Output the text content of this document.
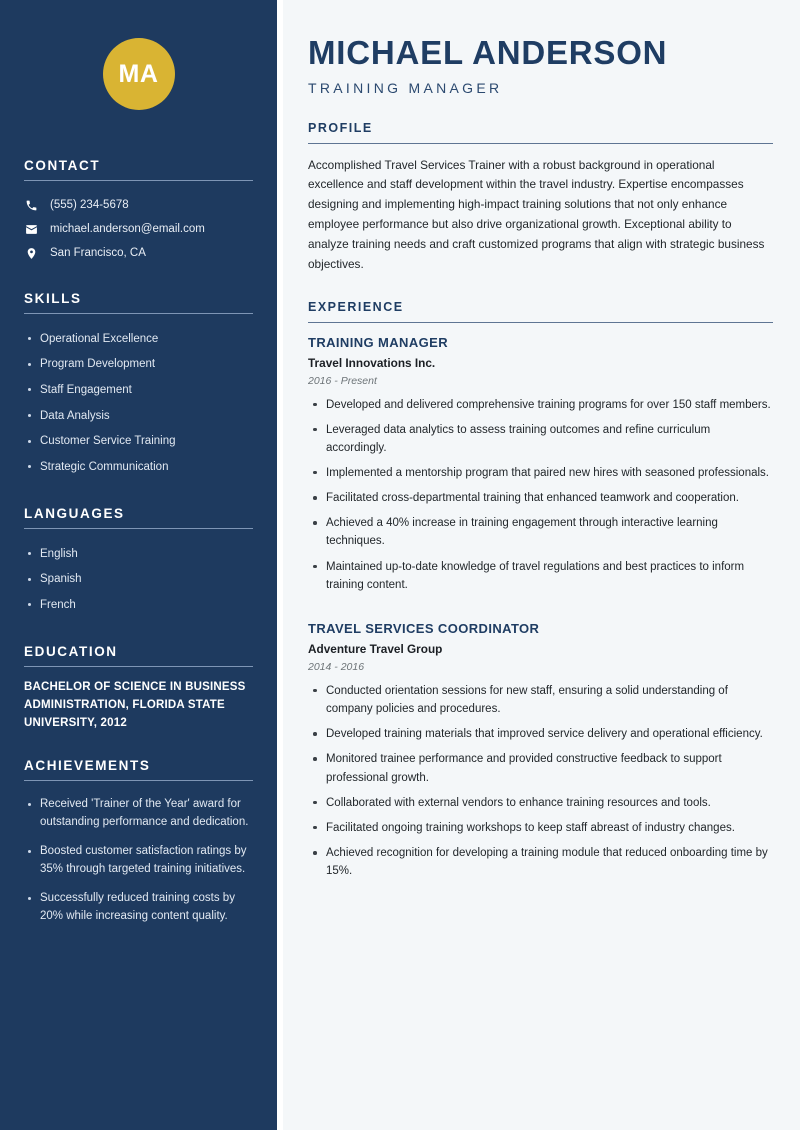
MA
CONTACT
(555) 234-5678
michael.anderson@email.com
San Francisco, CA
SKILLS
Operational Excellence
Program Development
Staff Engagement
Data Analysis
Customer Service Training
Strategic Communication
LANGUAGES
English
Spanish
French
EDUCATION
BACHELOR OF SCIENCE IN BUSINESS ADMINISTRATION, FLORIDA STATE UNIVERSITY, 2012
ACHIEVEMENTS
Received 'Trainer of the Year' award for outstanding performance and dedication.
Boosted customer satisfaction ratings by 35% through targeted training initiatives.
Successfully reduced training costs by 20% while increasing content quality.
MICHAEL ANDERSON
TRAINING MANAGER
PROFILE

Accomplished Travel Services Trainer with a robust background in operational excellence and staff development within the travel industry. Expertise encompasses designing and implementing high-impact training solutions that not only enhance employee performance but also drive organizational growth. Exceptional ability to analyze training needs and craft customized programs that align with strategic business objectives.

EXPERIENCE
TRAINING MANAGER
Travel Innovations Inc.
2016 - Present
Developed and delivered comprehensive training programs for over 150 staff members.
Leveraged data analytics to assess training outcomes and refine curriculum accordingly.
Implemented a mentorship program that paired new hires with seasoned professionals.
Facilitated cross-departmental training that enhanced teamwork and cooperation.
Achieved a 40% increase in training engagement through interactive learning techniques.
Maintained up-to-date knowledge of travel regulations and best practices to inform training content.
TRAVEL SERVICES COORDINATOR
Adventure Travel Group
2014 - 2016
Conducted orientation sessions for new staff, ensuring a solid understanding of company policies and procedures.
Developed training materials that improved service delivery and operational efficiency.
Monitored trainee performance and provided constructive feedback to support professional growth.
Collaborated with external vendors to enhance training resources and tools.
Facilitated ongoing training workshops to keep staff abreast of industry changes.
Achieved recognition for developing a training module that reduced onboarding time by 15%.
